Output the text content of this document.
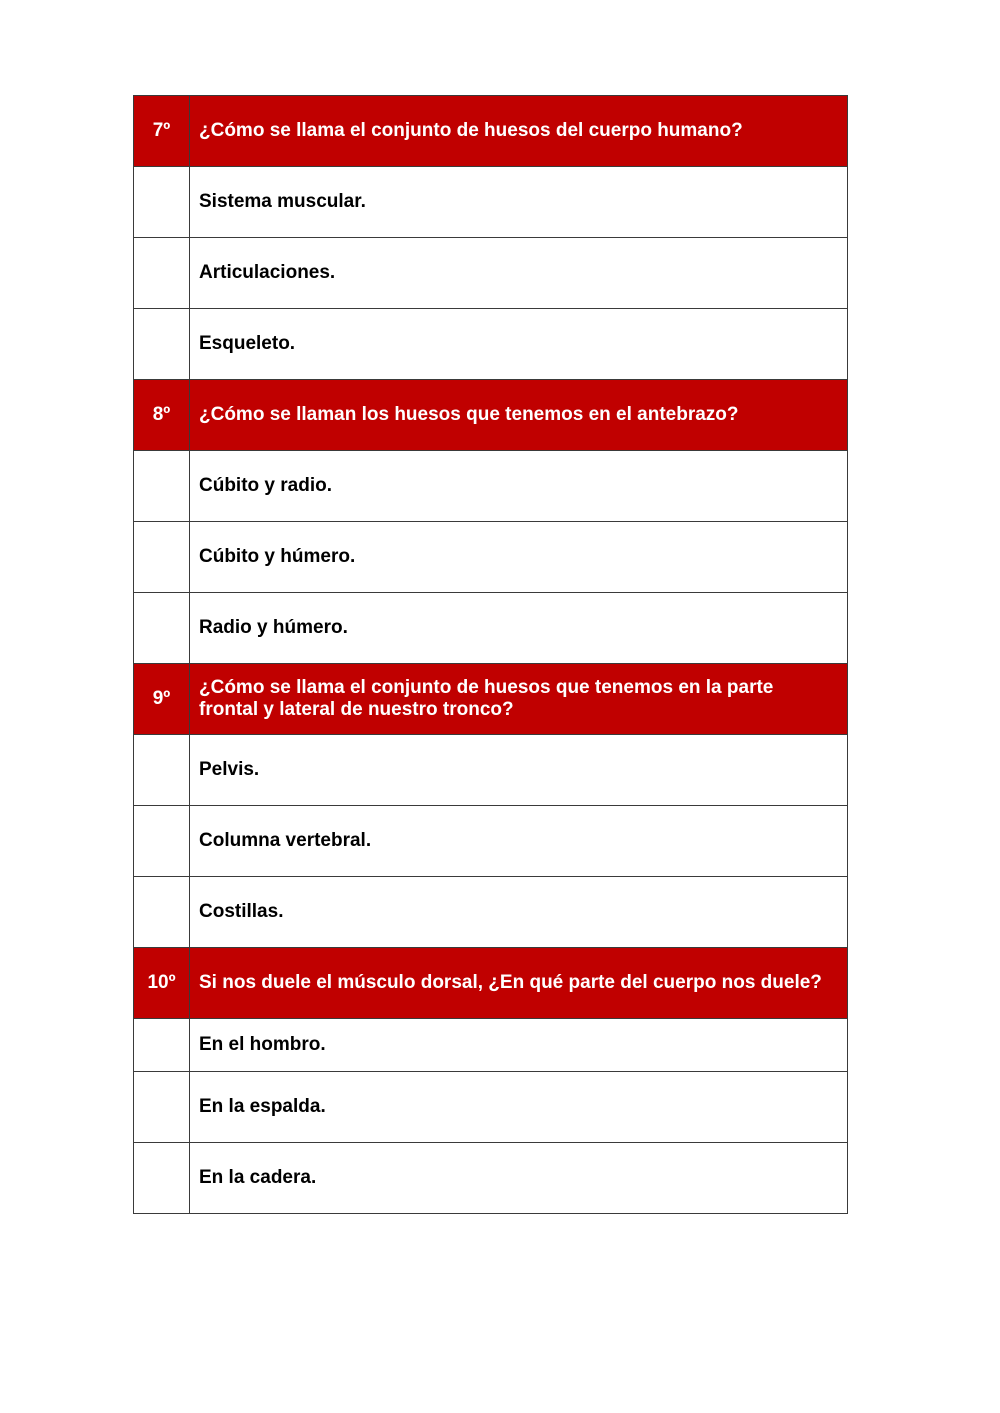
7º	¿Cómo se llama el conjunto de huesos del cuerpo humano?
	Sistema muscular.
	Articulaciones.
	Esqueleto.
8º	¿Cómo se llaman los huesos que tenemos en el antebrazo?
	Cúbito y radio.
	Cúbito y húmero.
	Radio y húmero.
9º	¿Cómo se llama el conjunto de huesos que tenemos en la parte frontal y lateral de nuestro tronco?
	Pelvis.
	Columna vertebral.
	Costillas.
10º	Si nos duele el músculo dorsal, ¿En qué parte del cuerpo nos duele?
	En el hombro.
	En la espalda.
	En la cadera.
